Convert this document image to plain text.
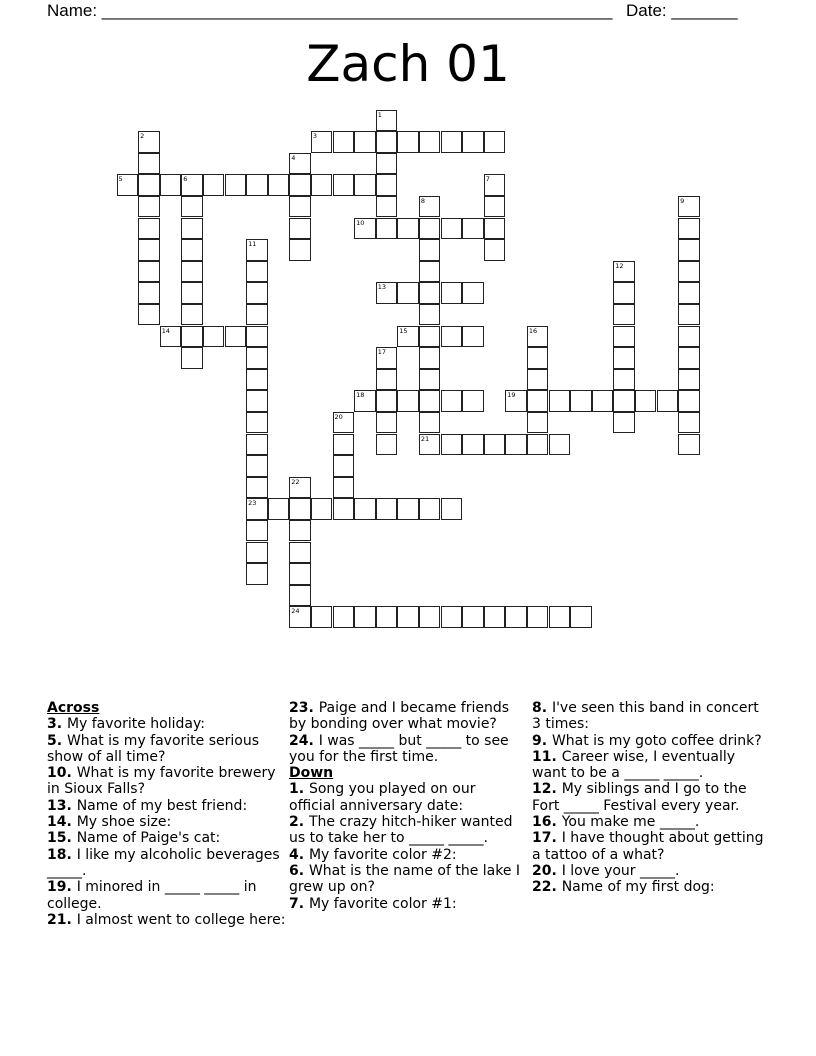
Name: ______________________________________________________ Date: _______
Zach 01
1
3
2
4
5	6	7
8
21
9
10
11
23
12
13
14	15	16
17
18	19
20
22
24
Across
3. My favorite holiday:
5. What is my favorite serious show of all time?
10. What is my favorite brewery in Sioux Falls?
13. Name of my best friend:
14. My shoe size:
15. Name of Paige's cat:
18. I like my alcoholic beverages _____.
19. I minored in _____ _____ in college.
21. I almost went to college here:
23. Paige and I became friends by bonding over what movie?
24. I was _____ but _____ to see you for the first time.
Down
1. Song you played on our official anniversary date:
2. The crazy hitch-hiker wanted us to take her to _____ _____.
4. My favorite color #2:
6. What is the name of the lake I grew up on?
7. My favorite color #1:
8. I've seen this band in concert 3 times:
9. What is my goto coffee drink?
11. Career wise, I eventually want to be a _____ _____.
12. My siblings and I go to the Fort _____ Festival every year.
16. You make me _____.
17. I have thought about getting a tattoo of a what?
20. I love your _____.
22. Name of my first dog:
